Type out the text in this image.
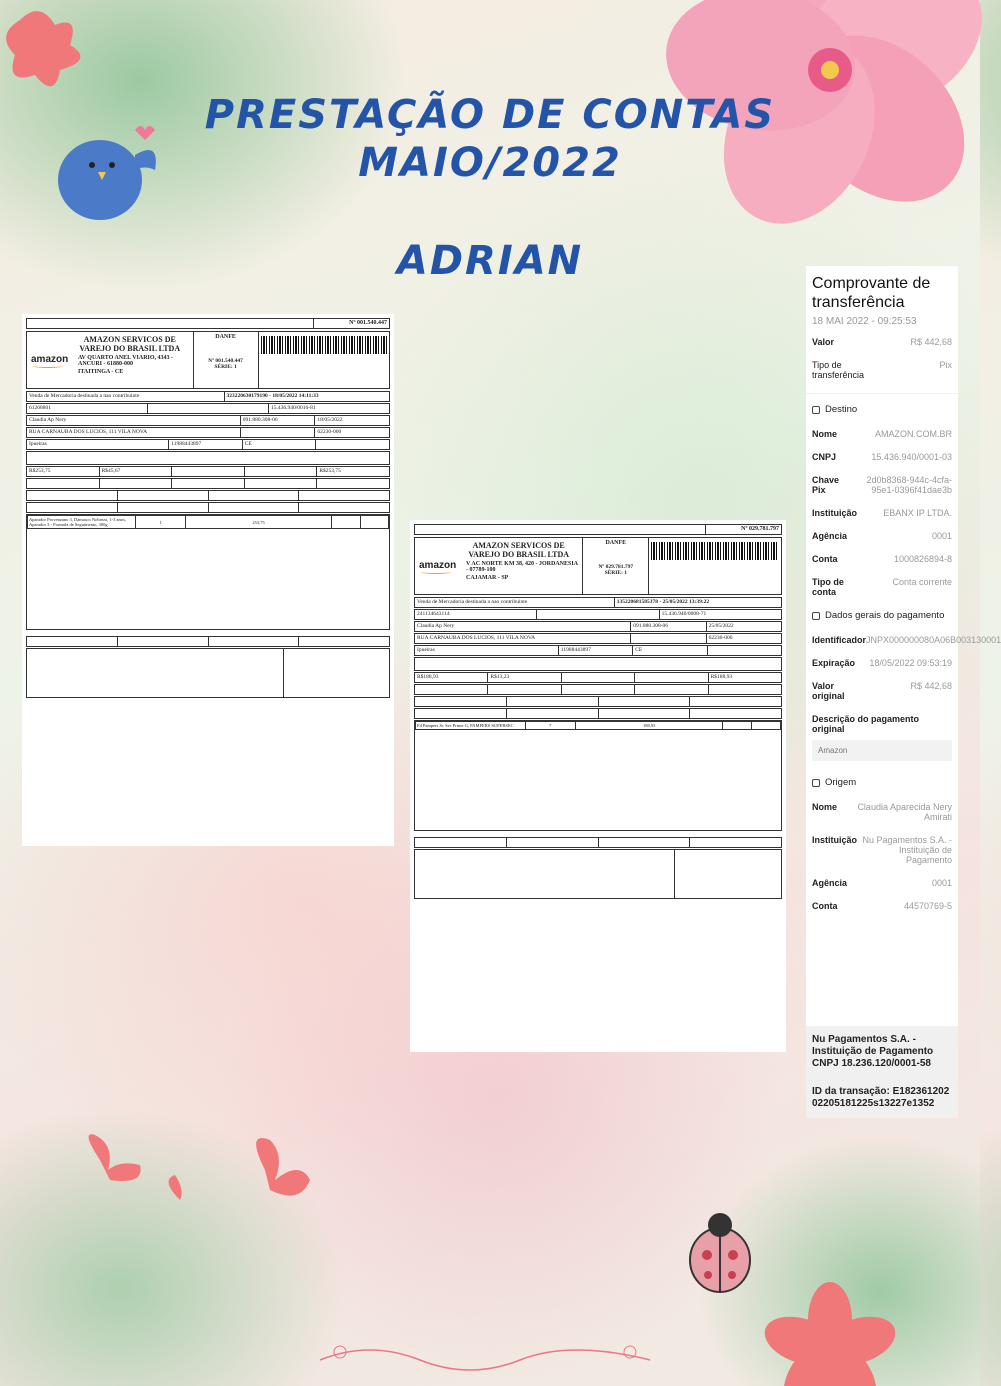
PRESTAÇÃO DE CONTAS
MAIO/2022
ADRIAN
Nº 001.540.447
AMAZON SERVICOS DE VAREJO DO BRASIL LTDA
amazon AV QUARTO ANEL VIARIO, 4343 - ANCURI - 61880-000
ITAITINGA - CE
DANFE
Nº 001.540.447
SÉRIE: 1
Venda de Mercadoria destinada a nao contribuinte	323220630179190 - 18/05/2022 14:11:33
61268801	15.436.940/0016-81
Claudia Ap Nery	091.880.308-06	18/05/2022
RUA CARNAUBA DOS LUCIOS, 111 VILA NOVA	62230-000
Ipueiras	11988443897	CE
R$253,75	R$45,67	R$253,75
Aparador Provenzano 3, Damasco Nobreza, 1-3 anos, Aparador 3 - Formula de Seguimento, 300g	1	253,75		
Nº 029.781.797
AMAZON SERVICOS DE VAREJO DO BRASIL LTDA
amazon V AC NORTE KM 38, 420 - JORDANESIA - 07789-100
CAJAMAR - SP
DANFE
Nº 029.781.797
SÉRIE: 1
Venda de Mercadoria destinada a nao contribuinte	135220681585378 - 25/05/2022 13:39:22
241134643114	15.436.940/0008-71
Claudia Ap Nery	091.880.308-06	25/05/2022
RUA CARNAUBA DOS LUCIOS, 111 VILA NOVA	62230-000
Ipueiras	11988443897	CE
R$188,93	R$13,23	R$188,93
Fd Pampers Sc Sec Prime G, PAMPERS SUPERSEC	7	188,93		
Comprovante de transferência
18 MAI 2022 - 09:25:53
Valor	R$ 442,68
Tipo de transferência
Pix
Destino
Nome	AMAZON.COM.BR
CNPJ	15.436.940/0001-03
Chave Pix
2d0b8368-944c-4cfa-95e1-0396f41dae3b
Instituição	EBANX IP LTDA.
Agência	0001
Conta	1000826894-8
Tipo de conta
Conta corrente
Dados gerais do pagamento
Identificador JNPX000000080A06B003130001
Expiração	18/05/2022 09:53:19
Valor original
R$ 442,68
Descrição do pagamento original
Amazon
Origem
Nome	Claudia Aparecida Nery Amirati
Instituição Nu Pagamentos S.A. - Instituição de Pagamento
Agência	0001
Conta	44570769-5
Nu Pagamentos S.A. - Instituição de Pagamento CNPJ 18.236.120/0001-58
ID da transação: E18236120202205181225s13227e1352
